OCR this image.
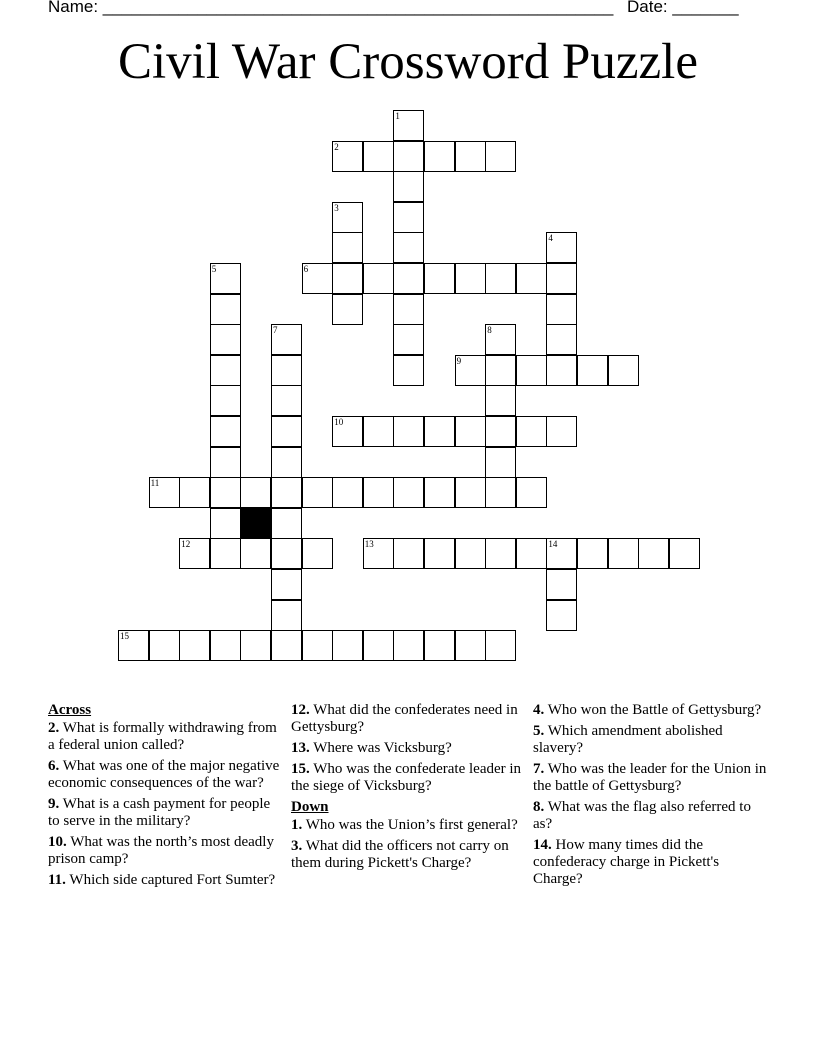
Name: ______________________________________________________ Date: _______
Civil War Crossword Puzzle
1
2
3
4
5	6
7	8
9
10
11
12	13	14
15
Across
2. What is formally withdrawing from a federal union called?
6. What was one of the major negative economic consequences of the war?
9. What is a cash payment for people to serve in the military?
10. What was the north’s most deadly prison camp?
11. Which side captured Fort Sumter?
12. What did the confederates need in Gettysburg?
13. Where was Vicksburg?
15. Who was the confederate leader in the siege of Vicksburg?
Down
1. Who was the Union’s first general?
3. What did the officers not carry on them during Pickett's Charge?
4. Who won the Battle of Gettysburg?
5. Which amendment abolished slavery?
7. Who was the leader for the Union in the battle of Gettysburg?
8. What was the flag also referred to as?
14. How many times did the confederacy charge in Pickett's Charge?
